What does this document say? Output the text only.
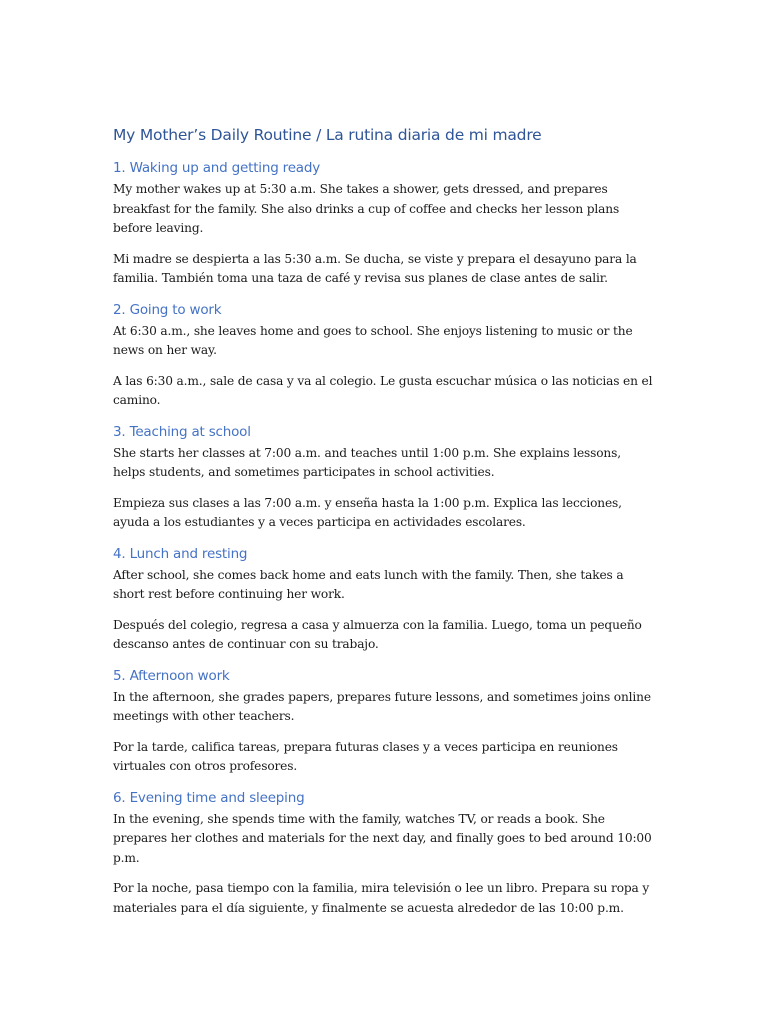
My Mother’s Daily Routine / La rutina diaria de mi madre
1. Waking up and getting ready

My mother wakes up at 5:30 a.m. She takes a shower, gets dressed, and prepares breakfast for the family. She also drinks a cup of coffee and checks her lesson plans before leaving.

Mi madre se despierta a las 5:30 a.m. Se ducha, se viste y prepara el desayuno para la familia. También toma una taza de café y revisa sus planes de clase antes de salir.

2. Going to work

At 6:30 a.m., she leaves home and goes to school. She enjoys listening to music or the news on her way.

A las 6:30 a.m., sale de casa y va al colegio. Le gusta escuchar música o las noticias en el camino.

3. Teaching at school

She starts her classes at 7:00 a.m. and teaches until 1:00 p.m. She explains lessons, helps students, and sometimes participates in school activities.

Empieza sus clases a las 7:00 a.m. y enseña hasta la 1:00 p.m. Explica las lecciones, ayuda a los estudiantes y a veces participa en actividades escolares.

4. Lunch and resting

After school, she comes back home and eats lunch with the family. Then, she takes a short rest before continuing her work.

Después del colegio, regresa a casa y almuerza con la familia. Luego, toma un pequeño descanso antes de continuar con su trabajo.

5. Afternoon work

In the afternoon, she grades papers, prepares future lessons, and sometimes joins online meetings with other teachers.

Por la tarde, califica tareas, prepara futuras clases y a veces participa en reuniones virtuales con otros profesores.

6. Evening time and sleeping

In the evening, she spends time with the family, watches TV, or reads a book. She prepares her clothes and materials for the next day, and finally goes to bed around 10:00 p.m.

Por la noche, pasa tiempo con la familia, mira televisión o lee un libro. Prepara su ropa y materiales para el día siguiente, y finalmente se acuesta alrededor de las 10:00 p.m.
